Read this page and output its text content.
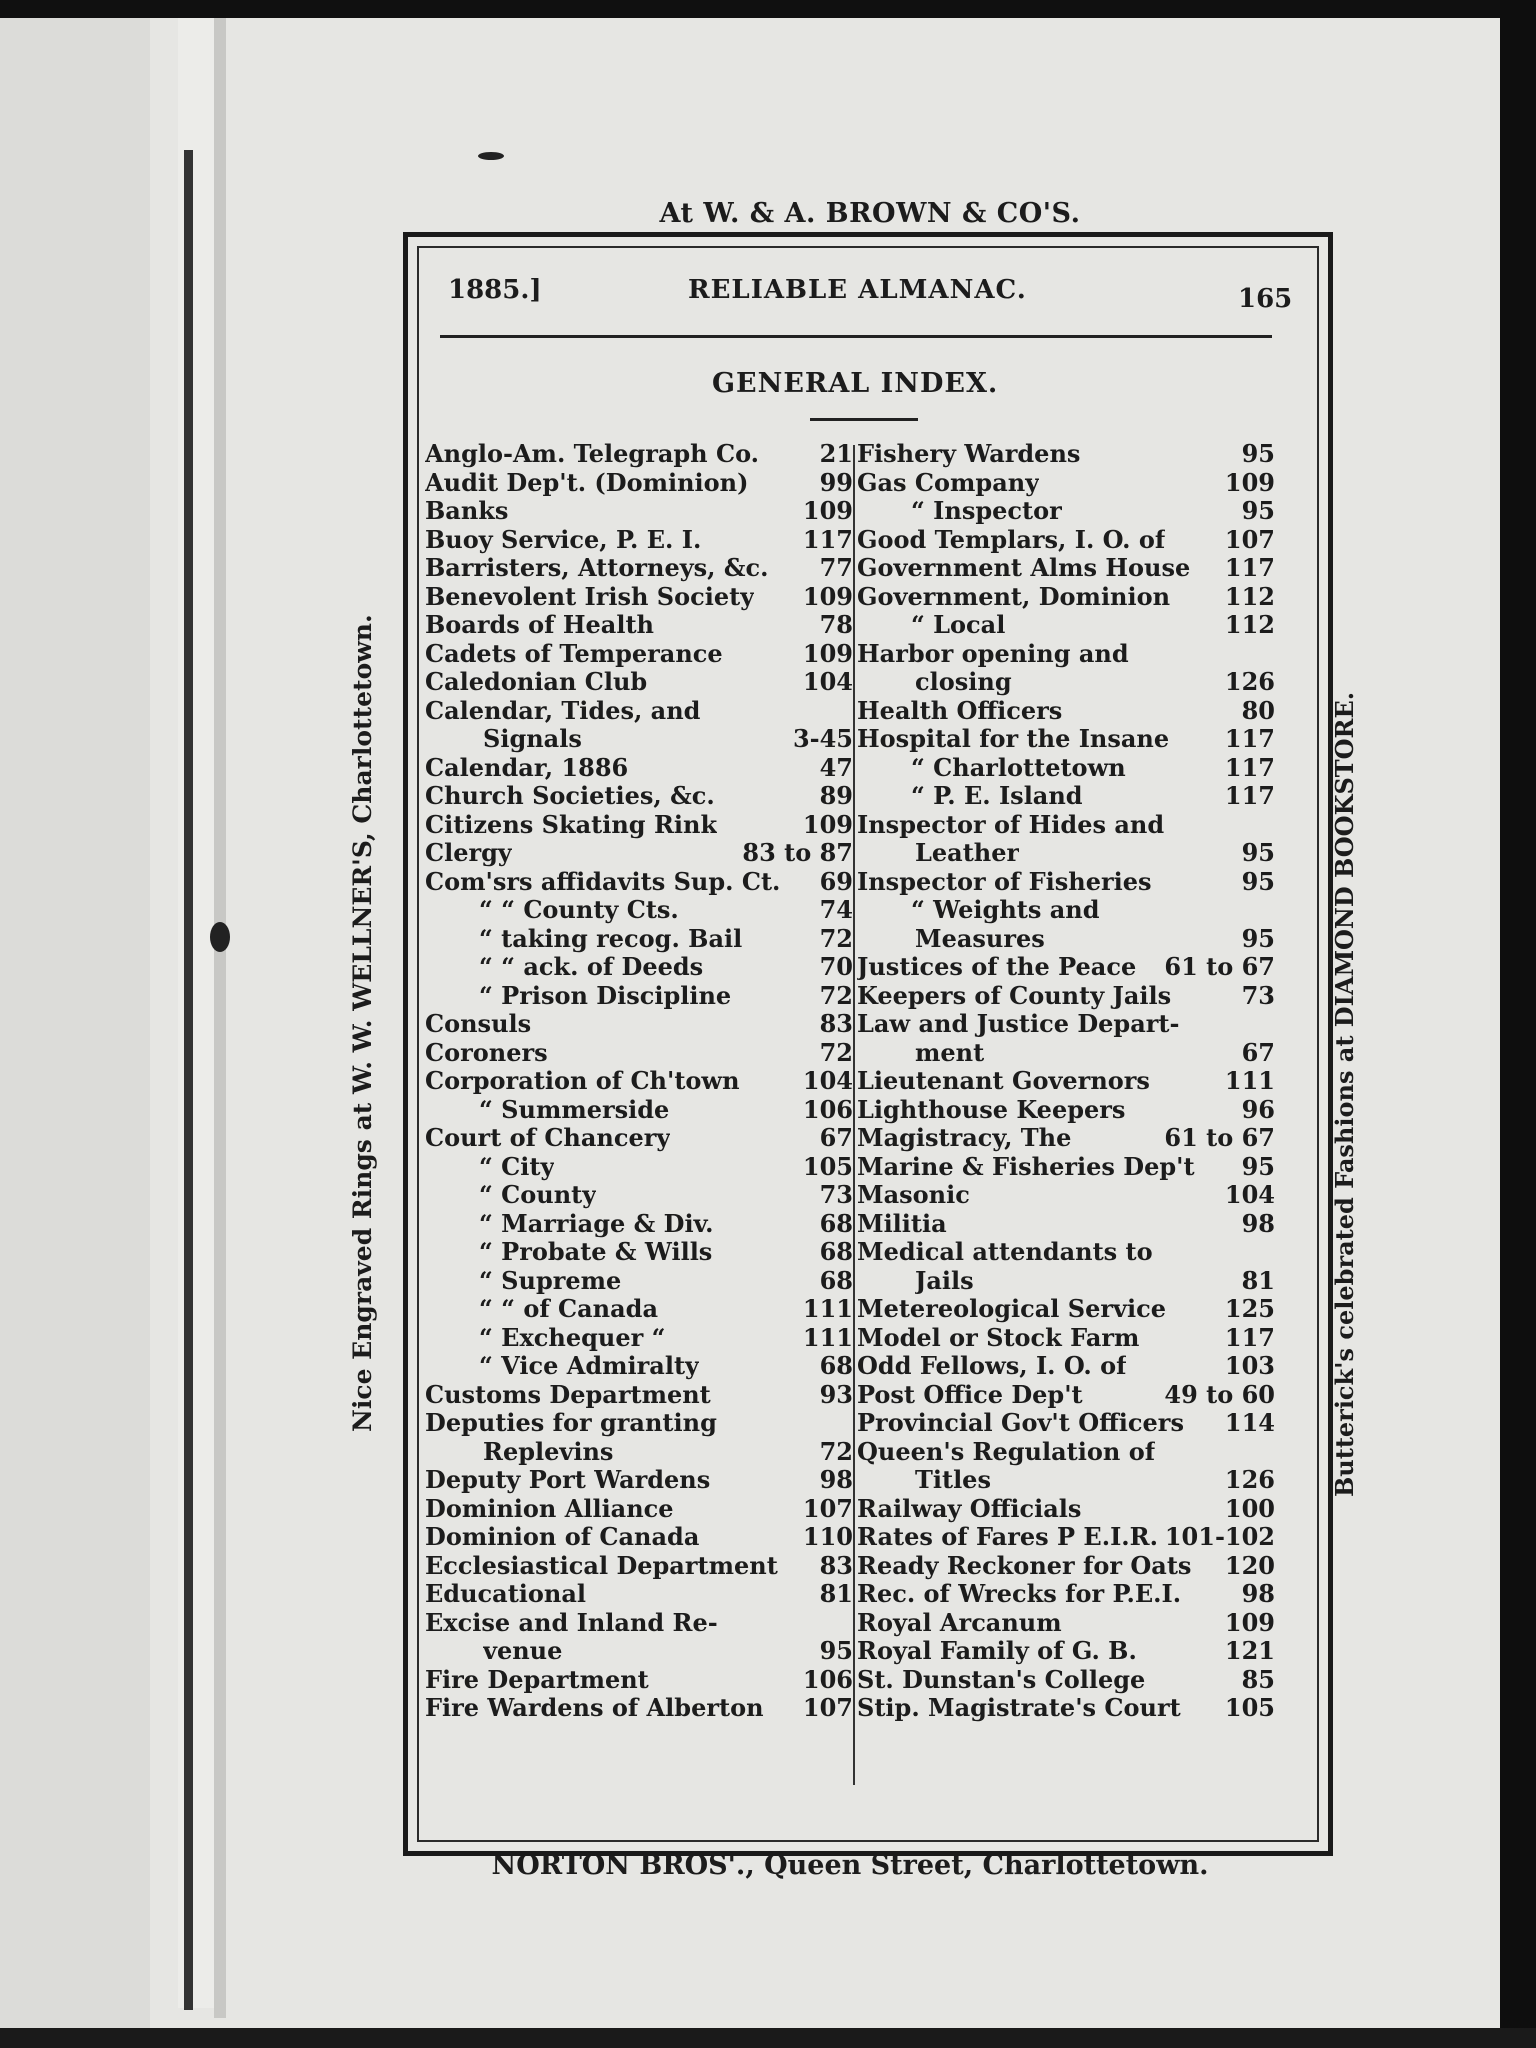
At W. & A. BROWN & CO'S.
Nice Engraved Rings at W. W. WELLNER'S, Charlottetown.	Butterick's celebrated Fashions at DIAMOND BOOKSTORE.
NORTON BROS'., Queen Street, Charlottetown.
1885.]	RELIABLE ALMANAC.	165
GENERAL INDEX.
Anglo-Am. Telegraph Co.	21
Audit Dep't. (Dominion)	99
Banks	109
Buoy Service, P. E. I.	117
Barristers, Attorneys, &c. 77
Benevolent Irish Society 109
Boards of Health	78
Cadets of Temperance	109
Caledonian Club	104
Calendar, Tides, and
Signals	3-45
Calendar, 1886	47
Church Societies, &c.	89
Citizens Skating Rink	109
Clergy	83 to 87
Com'srs affidavits Sup. Ct. 69
“ “ County Cts.	74
“ taking recog. Bail	72
“ “ ack. of Deeds	70
“ Prison Discipline	72
Consuls	83
Coroners	72
Corporation of Ch'town	104
“ Summerside	106
Court of Chancery	67
“ City	105
“ County	73
“ Marriage & Div.	68
“ Probate & Wills	68
“ Supreme	68
“ “ of Canada	111
“ Exchequer “	111
“ Vice Admiralty	68
Customs Department	93
Deputies for granting
Replevins	72
Deputy Port Wardens	98
Dominion Alliance	107
Dominion of Canada	110
Ecclesiastical Department 83
Educational	81
Excise and Inland Re-
venue	95
Fire Department	106
Fire Wardens of Alberton 107
Fishery Wardens	95
Gas Company	109
“ Inspector	95
Good Templars, I. O. of 107
Government Alms House 117
Government, Dominion 112
“ Local	112
Harbor opening and
closing	126
Health Officers	80
Hospital for the Insane 117
“ Charlottetown	117
“ P. E. Island	117
Inspector of Hides and
Leather	95
Inspector of Fisheries	95
“ Weights and
Measures	95
Justices of the Peace 61 to 67
Keepers of County Jails	73
Law and Justice Depart-
ment	67
Lieutenant Governors	111
Lighthouse Keepers	96
Magistracy, The	61 to 67
Marine & Fisheries Dep't 95
Masonic	104
Militia	98
Medical attendants to
Jails	81
Metereological Service 125
Model or Stock Farm	117
Odd Fellows, I. O. of	103
Post Office Dep't	49 to 60
Provincial Gov't Officers 114
Queen's Regulation of
Titles	126
Railway Officials	100
Rates of Fares P E.I.R. 101-102
Ready Reckoner for Oats 120
Rec. of Wrecks for P.E.I.	98
Royal Arcanum	109
Royal Family of G. B.	121
St. Dunstan's College	85
Stip. Magistrate's Court 105
